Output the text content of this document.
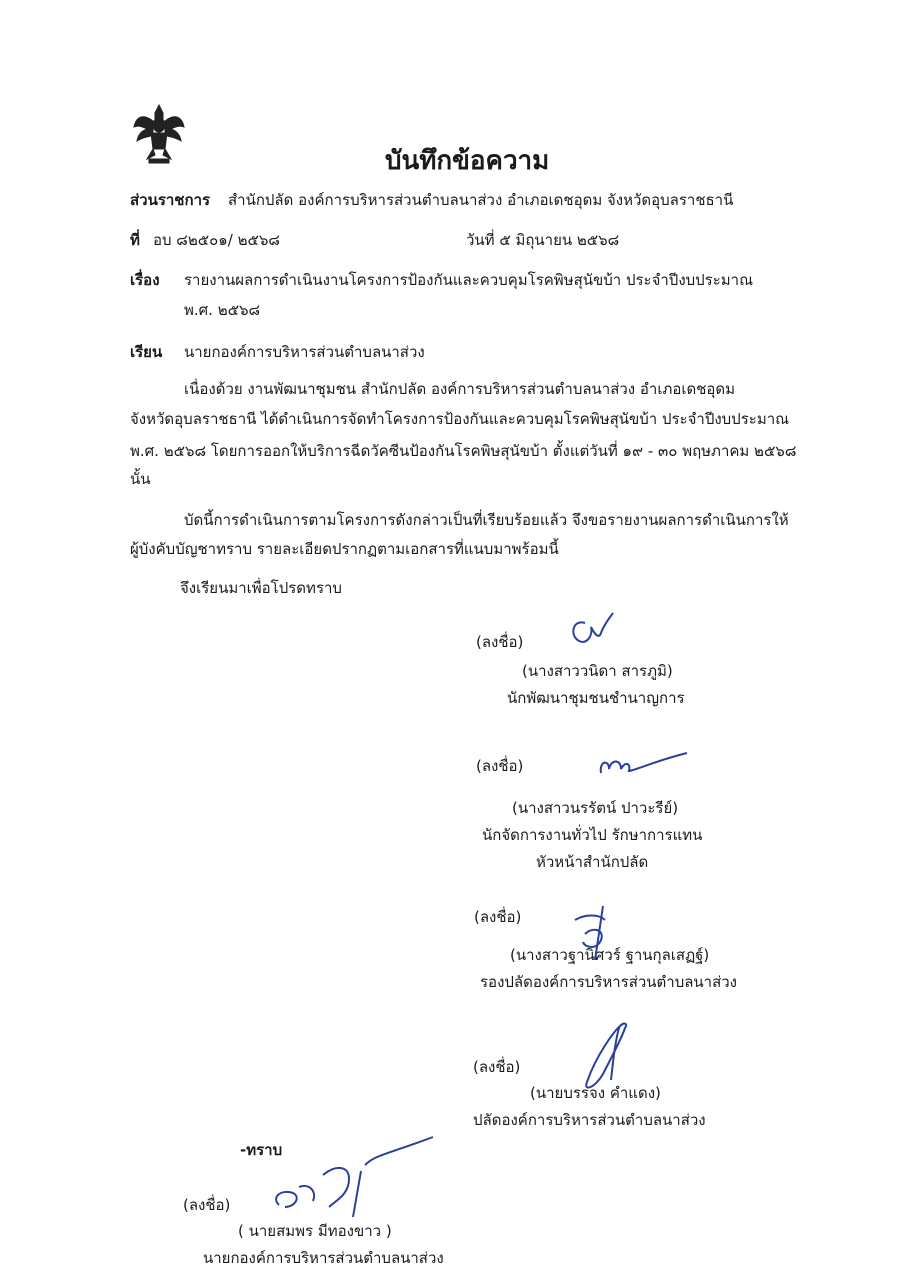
บันทึกข้อความ
ส่วนราชการ สำนักปลัด องค์การบริหารส่วนตำบลนาส่วง อำเภอเดชอุดม จังหวัดอุบลราชธานี
ที่ อบ ๘๒๕๐๑/ ๒๕๖๘	วันที่ ๕ มิถุนายน ๒๕๖๘
เรื่อง รายงานผลการดำเนินงานโครงการป้องกันและควบคุมโรคพิษสุนัขบ้า ประจำปีงบประมาณ
พ.ศ. ๒๕๖๘
เรียน นายกองค์การบริหารส่วนตำบลนาส่วง
เนื่องด้วย งานพัฒนาชุมชน สำนักปลัด องค์การบริหารส่วนตำบลนาส่วง อำเภอเดชอุดม
จังหวัดอุบลราชธานี ได้ดำเนินการจัดทำโครงการป้องกันและควบคุมโรคพิษสุนัขบ้า ประจำปีงบประมาณ
พ.ศ. ๒๕๖๘ โดยการออกให้บริการฉีดวัคซีนป้องกันโรคพิษสุนัขบ้า ตั้งแต่วันที่ ๑๙ - ๓๐ พฤษภาคม ๒๕๖๘
นั้น
บัดนี้การดำเนินการตามโครงการดังกล่าวเป็นที่เรียบร้อยแล้ว จึงขอรายงานผลการดำเนินการให้
ผู้บังคับบัญชาทราบ รายละเอียดปรากฏตามเอกสารที่แนบมาพร้อมนี้
จึงเรียนมาเพื่อโปรดทราบ
(ลงชื่อ)
(นางสาววนิดา สารภูมิ)
นักพัฒนาชุมชนชำนาญการ
(ลงชื่อ)
(นางสาวนรรัตน์ ปาวะรีย์)
นักจัดการงานทั่วไป รักษาการแทน
หัวหน้าสำนักปลัด
(ลงชื่อ)
(นางสาวฐานิศวร์ ฐานกุลเสฏฐ์)
รองปลัดองค์การบริหารส่วนตำบลนาส่วง
(ลงชื่อ)
(นายบรรจง คำแดง)
ปลัดองค์การบริหารส่วนตำบลนาส่วง
-ทราบ
(ลงชื่อ)
( นายสมพร มีทองขาว )
นายกองค์การบริหารส่วนตำบลนาส่วง
